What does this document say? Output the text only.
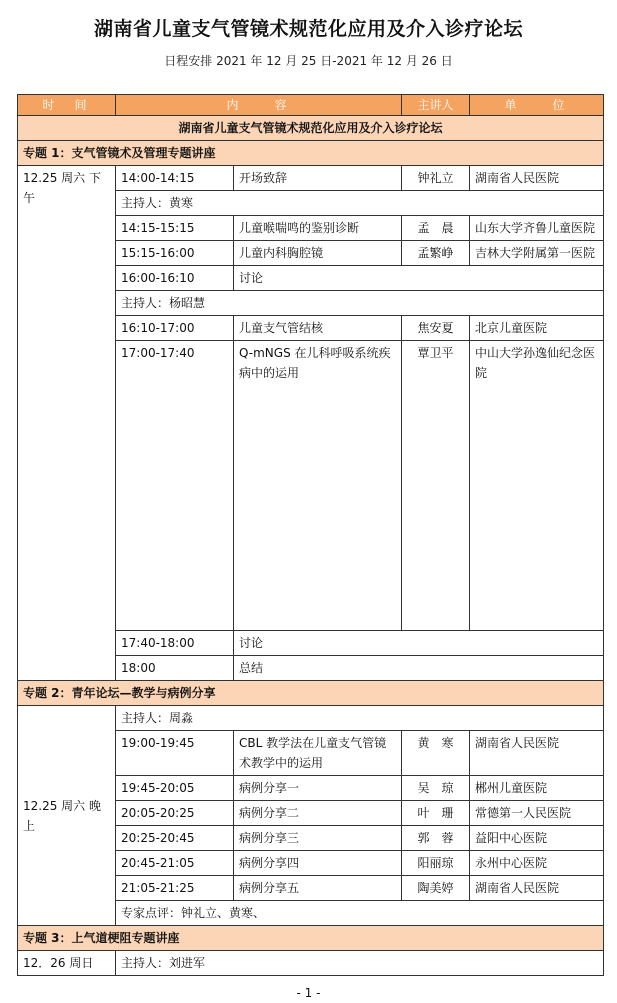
湖南省儿童支气管镜术规范化应用及介入诊疗论坛
日程安排 2021 年 12 月 25 日-2021 年 12 月 26 日
时　间	内　　容		主讲人	单　　位
湖南省儿童支气管镜术规范化应用及介入诊疗论坛				
专题 1：支气管镜术及管理专题讲座				
12.25 周六 下午	14:00-14:15	开场致辞	钟礼立	湖南省人民医院
	主持人：黄寒			
	14:15-15:15	儿童喉喘鸣的鉴别诊断	孟　晨	山东大学齐鲁儿童医院
	15:15-16:00	儿童内科胸腔镜	孟繁峥	吉林大学附属第一医院
	16:00-16:10	讨论		
	主持人：杨昭慧			
	16:10-17:00	儿童支气管结核	焦安夏	北京儿童医院
	17:00-17:40	Q-mNGS 在儿科呼吸系统疾病中的运用	覃卫平	中山大学孙逸仙纪念医院
	17:40-18:00	讨论		
	18:00	总结		
专题 2：青年论坛—教学与病例分享				
12.25 周六 晚上	主持人：周淼			
	19:00-19:45	CBL 教学法在儿童支气管镜术教学中的运用	黄　寒	湖南省人民医院
	19:45-20:05	病例分享一	吴　琼	郴州儿童医院
	20:05-20:25	病例分享二	叶　珊	常德第一人民医院
	20:25-20:45	病例分享三	郭　蓉	益阳中心医院
	20:45-21:05	病例分享四	阳丽琼	永州中心医院
	21:05-21:25	病例分享五	陶美婷	湖南省人民医院
	专家点评：钟礼立、黄寒、			
专题 3：上气道梗阻专题讲座				
12．26 周日	主持人：刘进军			
- 1 -
